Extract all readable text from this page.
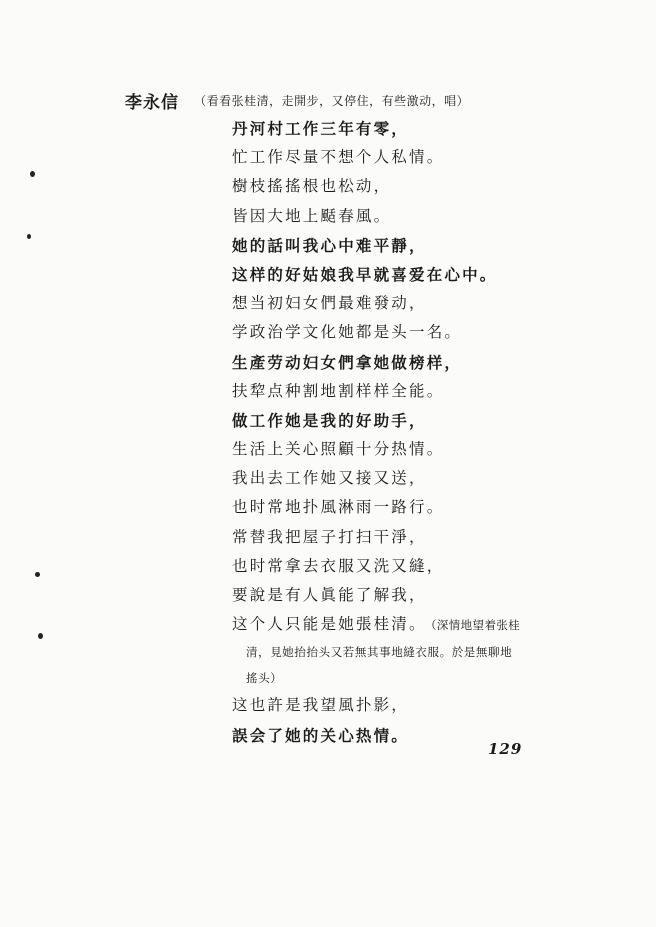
李永信 （看看张桂清，走開步，又停住，有些激动，唱）
丹河村工作三年有零，
忙工作尽量不想个人私情。
樹枝搖搖根也松动，
皆因大地上颳春風。
她的話叫我心中难平靜，
这样的好姑娘我早就喜爱在心中。
想当初妇女們最难發动，
学政治学文化她都是头一名。
生產劳动妇女們拿她做榜样，
扶犂点种割地割样样全能。
做工作她是我的好助手，
生活上关心照顧十分热情。
我出去工作她又接又送，
也时常地扑風淋雨一路行。
常替我把屋子打扫干淨，
也时常拿去衣服又洗又縫，
要說是有人眞能了解我，
这个人只能是她張桂清。 （深情地望着张桂
清，見她抬抬头又若無其事地縫衣服。於是無聊地
搖头）
这也許是我望風扑影，
誤会了她的关心热情。
129
